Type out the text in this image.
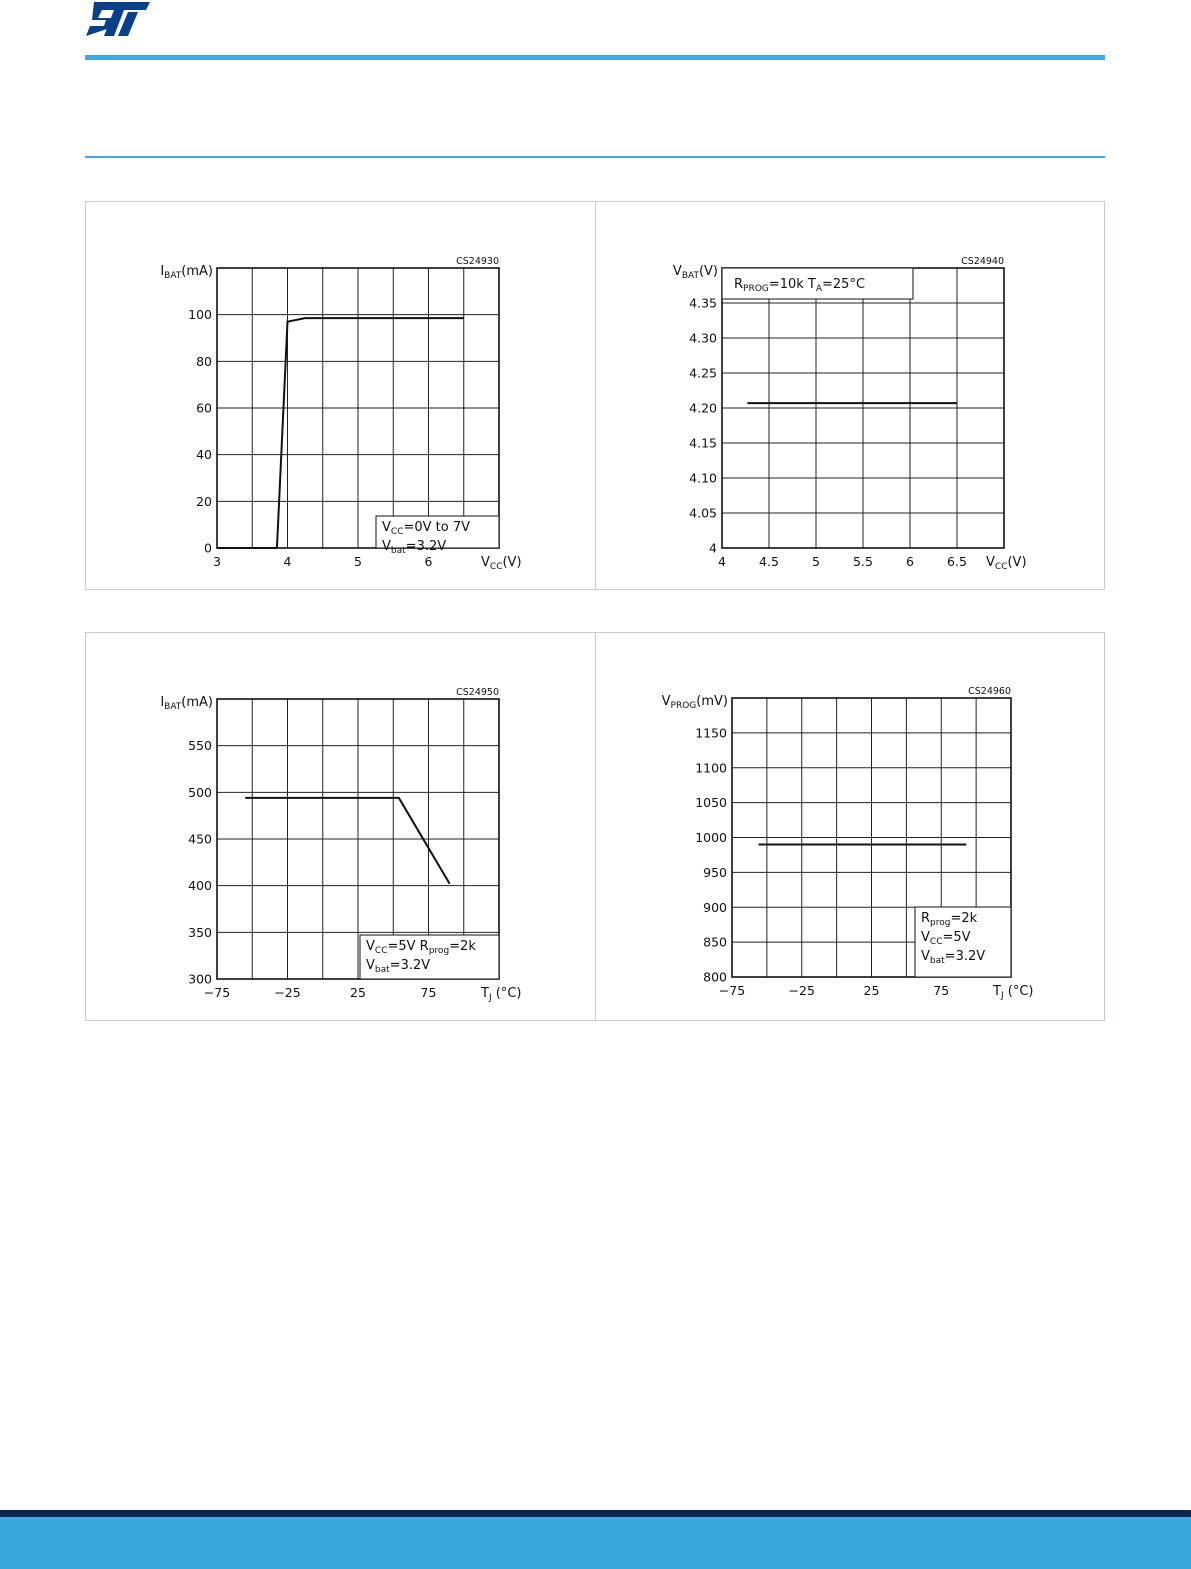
$V_{CC}=0V$ to 7V
$V_{bat}=3.2V$
3	4	5	6
0
20
40
60
80
100
$I_{BAT}(mA)$
$V_{CC}(V)$
CS24930
$R_{PROG}=10k$ $T_A=25^\circ C$
4	4.5	5	5.5	6	6.5
4
4.05
4.10
4.15
4.20
4.25
4.30
4.35
$V_{BAT}(V)$
$V_{CC}(V)$
CS24940
$V_{CC}=5V$ $R_{prog}=2k$
$V_{bat}=3.2V$
−75	−25	25	75
300
350
400
450
500
550
$I_{BAT}(mA)$
$T_J$ (°C)
CS24950
$R_{prog}=2k$
$V_{CC}=5V$
$V_{bat}=3.2V$
−75	−25	25	75
800
850
900
950
1000
1050
1100
1150
$V_{PROG}(mV)$
$T_J$ (°C)
CS24960
